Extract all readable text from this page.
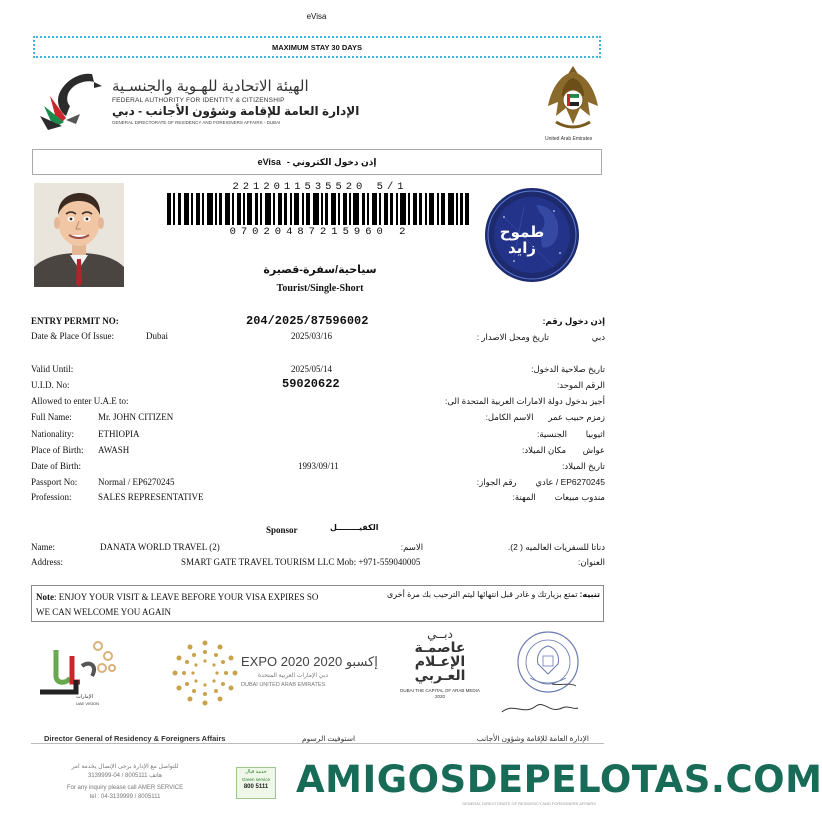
eVisa
MAXIMUM STAY 30 DAYS
الهيئة الاتحادية للهـوية والجنسـية
FEDERAL AUTHORITY FOR IDENTITY & CITIZENSHIP
الإدارة العامة للإقامة وشؤون الأجانب - دبي
GENERAL DIRECTORATE OF RESIDENCY AND FOREIGNERS AFFAIRS - DUBAI
United Arab Emirates
eVisa إذن دخول الكتروني -
2212011535520 5/1
07020487215960 2
سياحية/سفرة-قصيرة
Tourist/Single-Short
طموح زايد
ENTRY PERMIT NO:	204/2025/87596002	إذن دخول رقم:
Date & Place Of Issue:	Dubai	2025/03/16	دبي  تاريخ ومحل الاصدار :
Valid Until:	2025/05/14	تاريخ صلاحية الدخول:
U.I.D. No:	59020622	الرقم الموحد:
Allowed to enter U.A.E to:	أجيز بدخول دولة الامارات العربية المتحدة الى:
Full Name:	Mr. JOHN CITIZEN	زمزم حبيب عمر  الاسم الكامل:
Nationality:	ETHIOPIA	اثيوبيا  الجنسية:
Place of Birth: AWASH	عواش  مكان الميلاد:
Date of Birth:	1993/09/11	تاريخ الميلاد:
Passport No: Normal / EP6270245	EP6270245 / عادي  رقم الجواز:
Profession:	SALES REPRESENTATIVE	مندوب مبيعات  المهنة:
Sponsor	الكفيــــــــل
Name:	DANATA WORLD TRAVEL (2)	دناتا للسفريات العالميه ( 2).  الاسم:
Address:	SMART GATE TRAVEL TOURISM LLC Mob: +971-559040005	العنوان:
Note: ENJOY YOUR VISIT & LEAVE BEFORE YOUR VISA EXPIRES SO WE CAN WELCOME YOU AGAIN
تنبيه: تمتع بزيارتك و غادر قبل انتهائها ليتم الترحيب بك مرة أخرى
الإمارات
UAE VISION
EXPO 2020 إكسبو 2020
دبي الإمارات العربية المتحدة
DUBAI UNITED ARAB EMIRATES
دبــي
عاصمـة
الإعـلام
العـربي
DUBAI THE CAPITAL OF ARAB MEDIA 2020
Director General of Residency & Foreigners Affairs	استوفيت الرسوم	الإدارة العامة للإقامة وشؤون الأجانب
للتواصل مع الإدارة برجى الإتصال بخدمة امر
هاتف 8005111 / 04-3139999
For any inquiry please call AMER SERVICE
tel : 04-3139999 / 8005111
خدمة قنال
Green service
800 5111 AMIGOSDEPELOTAS.COM
GENERAL DIRECTORATE OF RESIDENCY AND FOREIGNERS AFFAIRS
